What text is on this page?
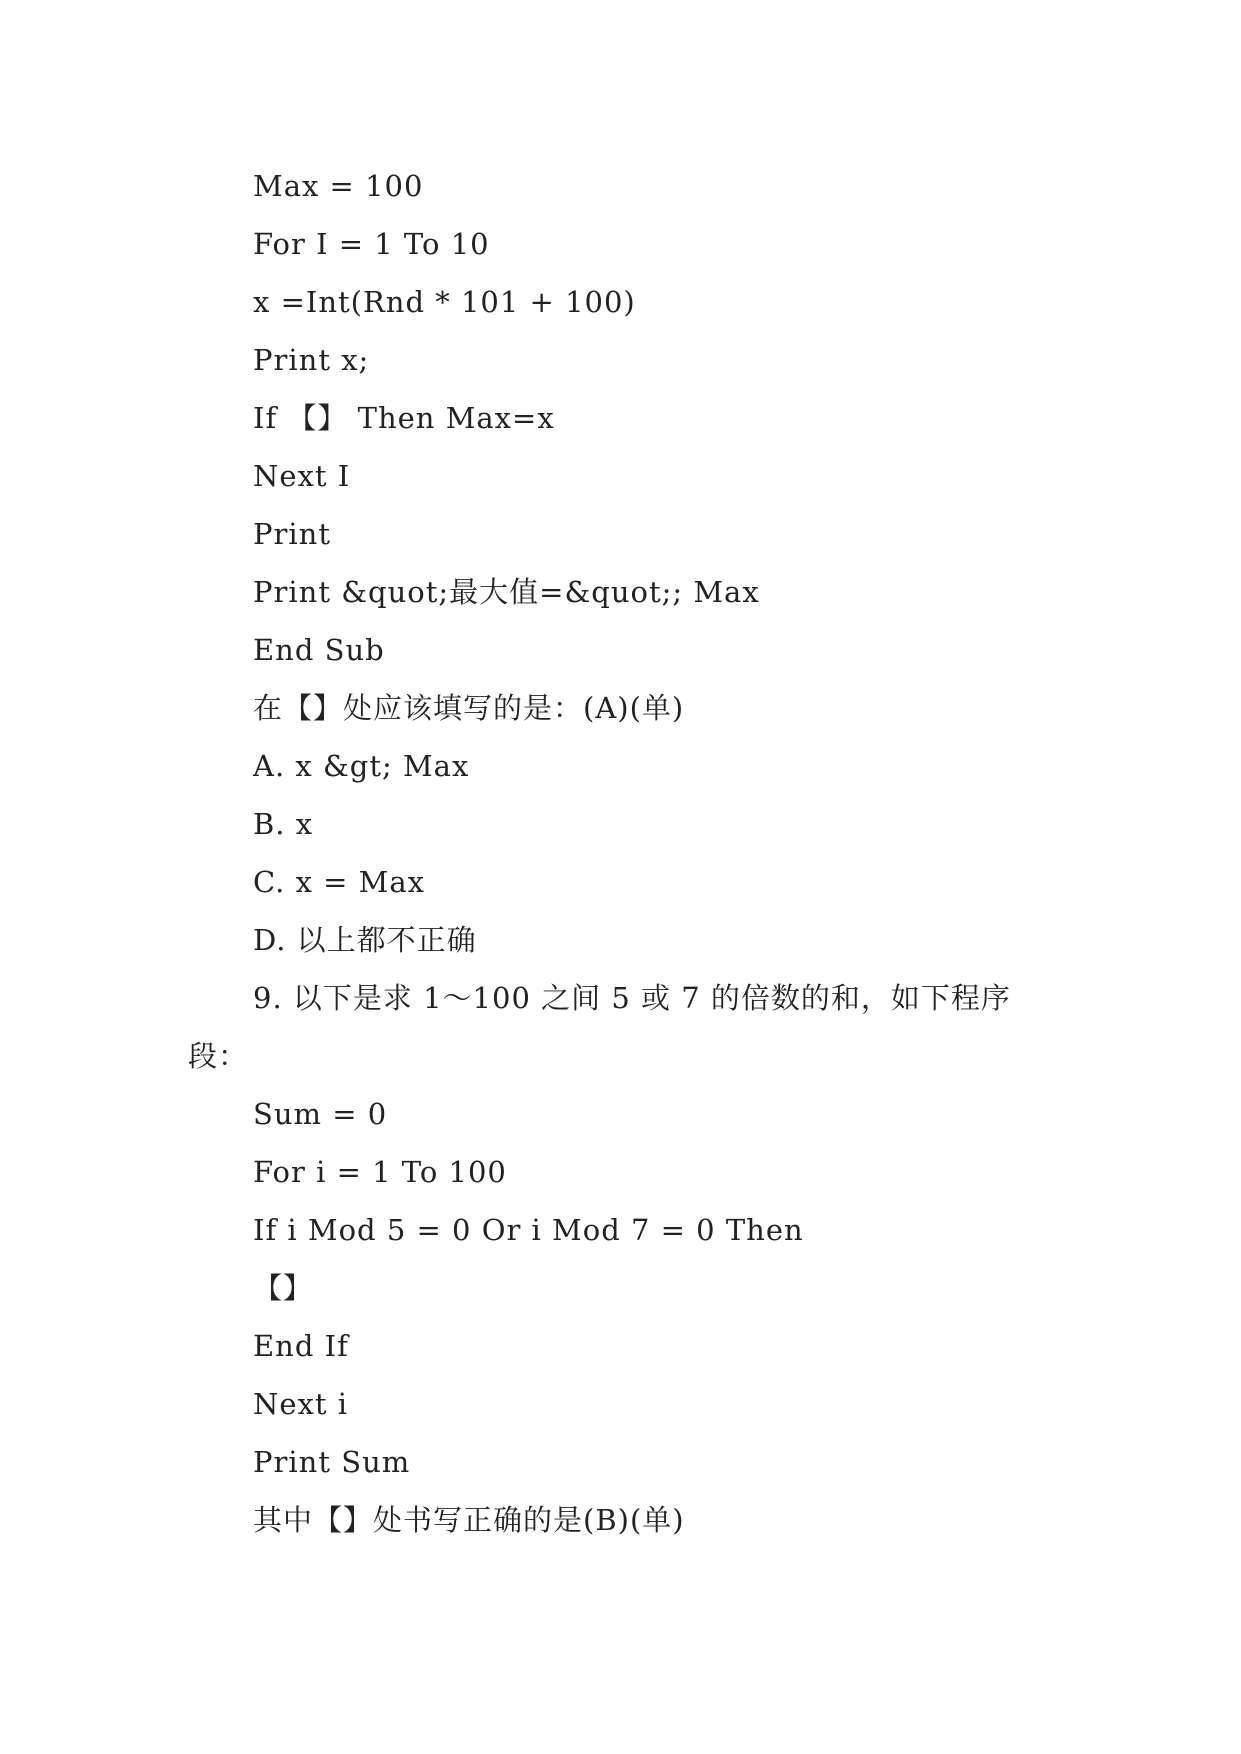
Max = 100

For I = 1 To 10

x =Int(Rnd * 101 + 100)

Print x;

If 【】 Then Max=x

Next I

Print

Print &quot;最大值=&quot;; Max

End Sub

在【】处应该填写的是：(A)(单)

A. x &gt; Max

B. x

C. x = Max

D. 以上都不正确

9. 以下是求 1～100 之间 5 或 7 的倍数的和，如下程序

段：

Sum = 0

For i = 1 To 100

If i Mod 5 = 0 Or i Mod 7 = 0 Then

【】

End If

Next i

Print Sum

其中【】处书写正确的是(B)(单)
